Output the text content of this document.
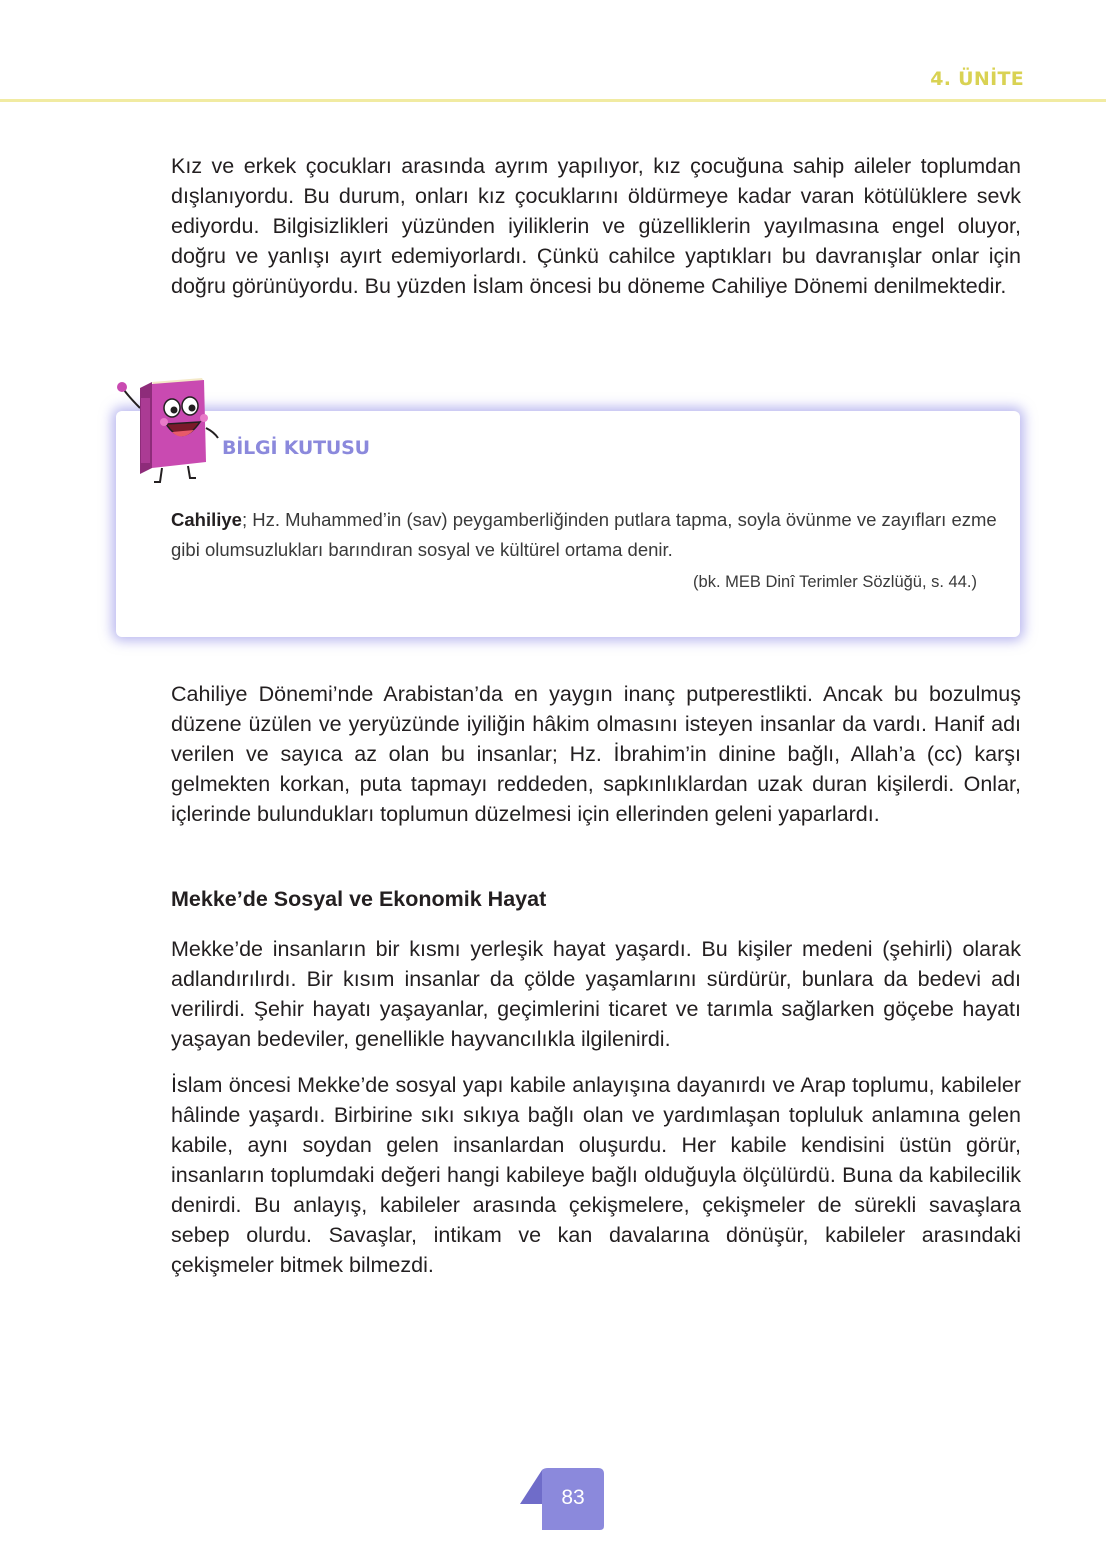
4. ÜNİTE

Kız ve erkek çocukları arasında ayrım yapılıyor, kız çocuğuna sahip aileler toplumdan dışlanıyordu. Bu durum, onları kız çocuklarını öldürmeye kadar varan kötülüklere sevk ediyordu. Bilgisizlikleri yüzünden iyiliklerin ve güzelliklerin yayılmasına engel oluyor, doğru ve yanlışı ayırt edemiyorlardı. Çünkü cahilce yaptıkları bu davranışlar onlar için doğru görünüyordu. Bu yüzden İslam öncesi bu döneme Cahiliye Dönemi denilmektedir.

BİLGİ KUTUSU

Cahiliye; Hz. Muhammed’in (sav) peygamberliğinden putlara tapma, soyla övünme ve zayıfları ezme gibi olumsuzlukları barındıran sosyal ve kültürel ortama denir.

(bk. MEB Dinî Terimler Sözlüğü, s. 44.)

Cahiliye Dönemi’nde Arabistan’da en yaygın inanç putperestlikti. Ancak bu bozulmuş düzene üzülen ve yeryüzünde iyiliğin hâkim olmasını isteyen insanlar da vardı. Hanif adı verilen ve sayıca az olan bu insanlar; Hz. İbrahim’in dinine bağlı, Allah’a (cc) karşı gelmekten korkan, puta tapmayı reddeden, sapkınlıklardan uzak duran kişilerdi. Onlar, içlerinde bulundukları toplumun düzelmesi için ellerinden geleni yaparlardı.

Mekke’de Sosyal ve Ekonomik Hayat

Mekke’de insanların bir kısmı yerleşik hayat yaşardı. Bu kişiler medeni (şehirli) olarak adlandırılırdı. Bir kısım insanlar da çölde yaşamlarını sürdürür, bunlara da bedevi adı verilirdi. Şehir hayatı yaşayanlar, geçimlerini ticaret ve tarımla sağlarken göçebe hayatı yaşayan bedeviler, genellikle hayvancılıkla ilgilenirdi.

İslam öncesi Mekke’de sosyal yapı kabile anlayışına dayanırdı ve Arap toplumu, kabileler hâlinde yaşardı. Birbirine sıkı sıkıya bağlı olan ve yardımlaşan topluluk anlamına gelen kabile, aynı soydan gelen insanlardan oluşurdu. Her kabile kendisini üstün görür, insanların toplumdaki değeri hangi kabileye bağlı olduğuyla ölçülürdü. Buna da kabilecilik denirdi. Bu anlayış, kabileler arasında çekişmelere, çekişmeler de sürekli savaşlara sebep olurdu. Savaşlar, intikam ve kan davalarına dönüşür, kabileler arasındaki çekişmeler bitmek bilmezdi.

83
